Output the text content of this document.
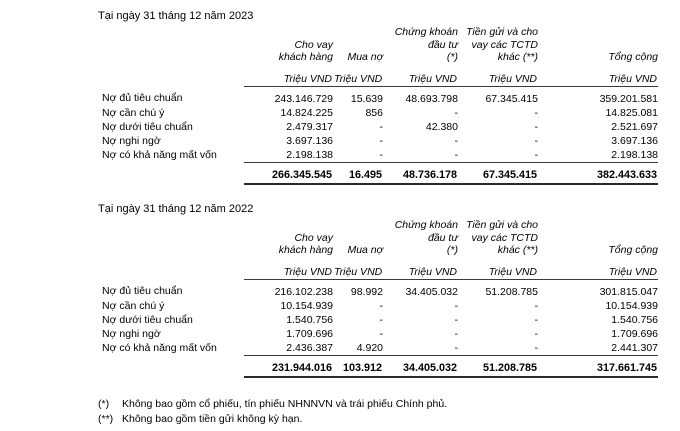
Tại ngày 31 tháng 12 năm 2023					
	Cho vay
khách hàng	Mua nợ	Chứng khoán
đầu tư
(*)	Tiền gửi và cho
vay các TCTD
khác (**)	Tổng cộng
	Triệu VND	Triệu VND	Triệu VND	Triệu VND	Triệu VND
Nợ đủ tiêu chuẩn	243.146.729	15.639	48.693.798	67.345.415	359.201.581
Nợ cần chú ý	14.824.225	856	-	-	14.825.081
Nợ dưới tiêu chuẩn	2.479.317	-	42.380	-	2.521.697
Nợ nghi ngờ	3.697.136	-	-	-	3.697.136
Nợ có khả năng mất vốn	2.198.138	-	-	-	2.198.138
	266.345.545	16.495	48.736.178	67.345.415	382.443.633
Tại ngày 31 tháng 12 năm 2022					
	Cho vay
khách hàng	Mua nợ	Chứng khoán
đầu tư
(*)	Tiền gửi và cho
vay các TCTD
khác (**)	Tổng cộng
	Triệu VND	Triệu VND	Triệu VND	Triệu VND	Triệu VND
Nợ đủ tiêu chuẩn	216.102.238	98.992	34.405.032	51.208.785	301.815.047
Nợ cần chú ý	10.154.939	-	-	-	10.154.939
Nợ dưới tiêu chuẩn	1.540.756	-	-	-	1.540.756
Nợ nghi ngờ	1.709.696	-	-	-	1.709.696
Nợ có khả năng mất vốn	2.436.387	4.920	-	-	2.441.307
	231.944.016	103.912	34.405.032	51.208.785	317.661.745
(*) Không bao gồm cổ phiếu, tín phiếu NHNNVN và trái phiếu Chính phủ.
(**) Không bao gồm tiền gửi không kỳ hạn.
